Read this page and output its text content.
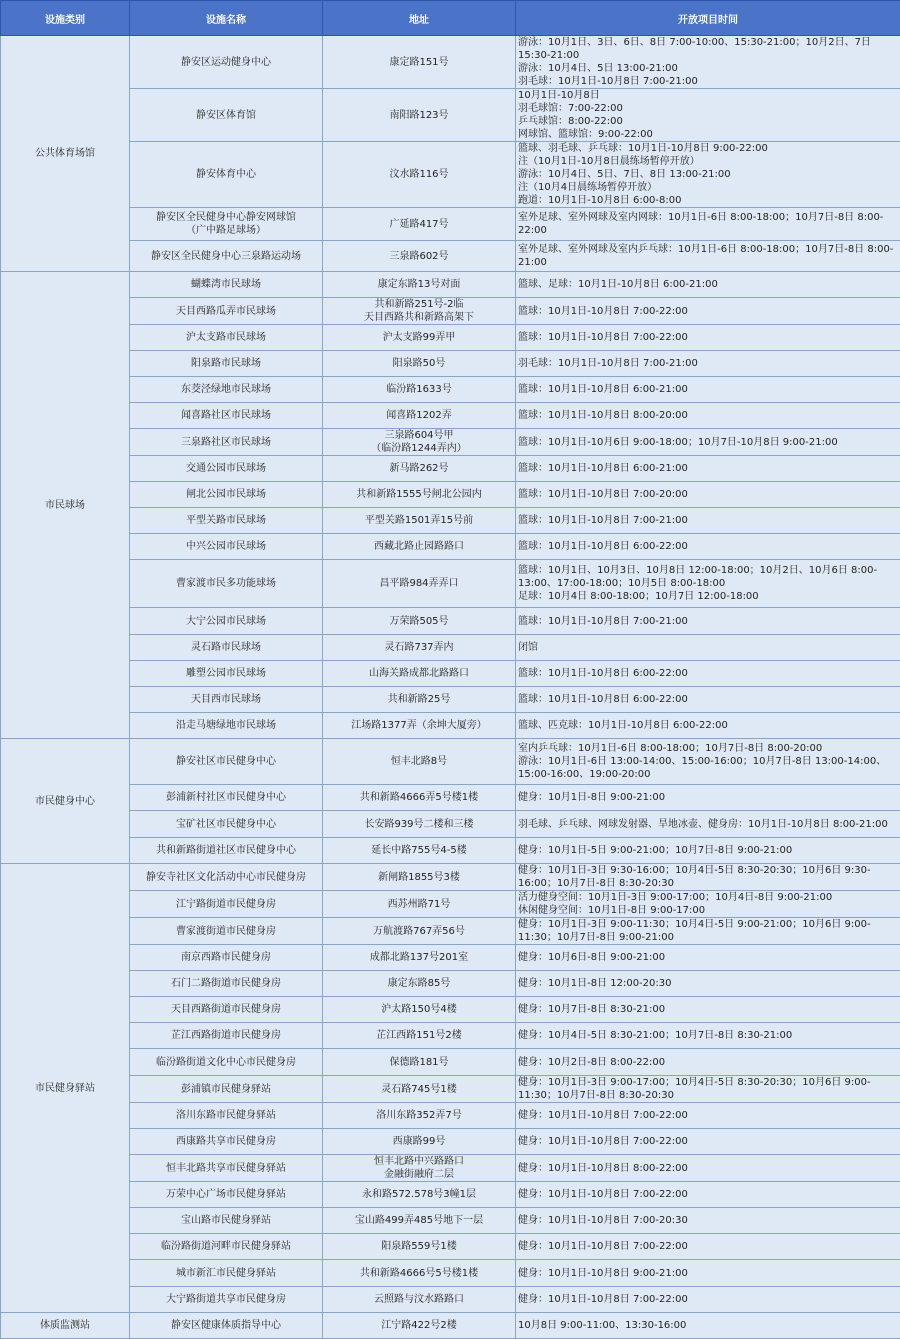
设施类别	设施名称	地址	开放项目时间
公共体育场馆	静安区运动健身中心	康定路151号	游泳：10月1日、3日、6日、8日 7:00-10:00、15:30-21:00；10月2日、7日 15:30-21:00
游泳：10月4日、5日 13:00-21:00
羽毛球：10月1日-10月8日 7:00-21:00
	静安区体育馆	南阳路123号	10月1日-10月8日
羽毛球馆：7:00-22:00
乒乓球馆：8:00-22:00
网球馆、篮球馆：9:00-22:00
	静安体育中心	汶水路116号	篮球、羽毛球、乒乓球：10月1日-10月8日 9:00-22:00
注（10月1日-10月8日晨练场暂停开放）
游泳：10月4日、5日、7日、8日 13:00-21:00
注（10月4日晨练场暂停开放）
跑道：10月1日-10月8日 6:00-8:00
	静安区全民健身中心静安网球馆
（广中路足球场）	广延路417号	室外足球、室外网球及室内网球：10月1日-6日 8:00-18:00；10月7日-8日 8:00-22:00
	静安区全民健身中心三泉路运动场	三泉路602号	室外足球、室外网球及室内乒乓球：10月1日-6日 8:00-18:00；10月7日-8日 8:00-21:00
市民球场	蝴蝶湾市民球场	康定东路13号对面	篮球、足球：10月1日-10月8日 6:00-21:00
	天目西路瓜弄市民球场	共和新路251号-2临
天目西路共和新路高架下	篮球：10月1日-10月8日 7:00-22:00
	沪太支路市民球场	沪太支路99弄甲	篮球：10月1日-10月8日 7:00-22:00
	阳泉路市民球场	阳泉路50号	羽毛球：10月1日-10月8日 7:00-21:00
	东茭泾绿地市民球场	临汾路1633号	篮球：10月1日-10月8日 6:00-21:00
	闻喜路社区市民球场	闻喜路1202弄	篮球：10月1日-10月8日 8:00-20:00
	三泉路社区市民球场	三泉路604号甲
（临汾路1244弄内）	篮球：10月1日-10月6日 9:00-18:00；10月7日-10月8日 9:00-21:00
	交通公园市民球场	新马路262号	篮球：10月1日-10月8日 6:00-21:00
	闸北公园市民球场	共和新路1555号闸北公园内	篮球：10月1日-10月8日 7:00-20:00
	平型关路市民球场	平型关路1501弄15号前	篮球：10月1日-10月8日 7:00-21:00
	中兴公园市民球场	西藏北路止园路路口	篮球：10月1日-10月8日 6:00-22:00
	曹家渡市民多功能球场	昌平路984弄弄口	篮球：10月1日、10月3日、10月8日 12:00-18:00；10月2日、10月6日 8:00-13:00、17:00-18:00；10月5日 8:00-18:00
足球：10月4日 8:00-18:00；10月7日 12:00-18:00
	大宁公园市民球场	万荣路505号	篮球：10月1日-10月8日 7:00-21:00
	灵石路市民球场	灵石路737弄内	闭馆
	雕塑公园市民球场	山海关路成都北路路口	篮球：10月1日-10月8日 6:00-22:00
	天目西市民球场	共和新路25号	篮球：10月1日-10月8日 6:00-22:00
	沿走马塘绿地市民球场	江场路1377弄（余坤大厦旁）	篮球、匹克球：10月1日-10月8日 6:00-22:00
市民健身中心	静安社区市民健身中心	恒丰北路8号	室内乒乓球：10月1日-6日 8:00-18:00；10月7日-8日 8:00-20:00
游泳：10月1日-6日 13:00-14:00、15:00-16:00；10月7日-8日 13:00-14:00、15:00-16:00、19:00-20:00
	彭浦新村社区市民健身中心	共和新路4666弄5号楼1楼	健身：10月1日-8日 9:00-21:00
	宝矿社区市民健身中心	长安路939号二楼和三楼	羽毛球、乒乓球、网球发射器、旱地冰壶、健身房：10月1日-10月8日 8:00-21:00
	共和新路街道社区市民健身中心	延长中路755号4-5楼	健身：10月1日-5日 9:00-21:00；10月7日-8日 9:00-21:00
市民健身驿站	静安寺社区文化活动中心市民健身房	新闸路1855号3楼	健身：10月1日-3日 9:30-16:00；10月4日-5日 8:30-20:30；10月6日 9:30-16:00；10月7日-8日 8:30-20:30
	江宁路街道市民健身房	西苏州路71号	活力健身空间：10月1日-3日 9:00-17:00；10月4日-8日 9:00-21:00
休闲健身空间：10月1日-8日 9:00-17:00
	曹家渡街道市民健身房	万航渡路767弄56号	健身：10月1日-3日 9:00-11:30；10月4日-5日 9:00-21:00；10月6日 9:00-11:30；10月7日-8日 9:00-21:00
	南京西路市民健身房	成都北路137号201室	健身：10月6日-8日 9:00-21:00
	石门二路街道市民健身房	康定东路85号	健身：10月1日-8日 12:00-20:30
	天目西路街道市民健身房	沪太路150号4楼	健身：10月7日-8日 8:30-21:00
	芷江西路街道市民健身房	芷江西路151号2楼	健身：10月4日-5日 8:30-21:00；10月7日-8日 8:30-21:00
	临汾路街道文化中心市民健身房	保德路181号	健身：10月2日-8日 8:00-22:00
	彭浦镇市民健身驿站	灵石路745号1楼	健身：10月1日-3日 9:00-17:00；10月4日-5日 8:30-20:30；10月6日 9:00-11:30；10月7日-8日 8:30-20:30
	洛川东路市民健身驿站	洛川东路352弄7号	健身：10月1日-10月8日 7:00-22:00
	西康路共享市民健身房	西康路99号	健身：10月1日-10月8日 7:00-22:00
	恒丰北路共享市民健身驿站	恒丰北路中兴路路口
金融街融府二层	健身：10月1日-10月8日 8:00-22:00
	万荣中心广场市民健身驿站	永和路572.578号3幢1层	健身：10月1日-10月8日 7:00-22:00
	宝山路市民健身驿站	宝山路499弄485号地下一层	健身：10月1日-10月8日 7:00-20:30
	临汾路街道河畔市民健身驿站	阳泉路559号1楼	健身：10月1日-10月8日 7:00-22:00
	城市新汇市民健身驿站	共和新路4666号5号楼1楼	健身：10月1日-10月8日 9:00-21:00
	大宁路街道共享市民健身房	云照路与汶水路路口	健身：10月1日-10月8日 7:00-22:00
体质监测站	静安区健康体质指导中心	江宁路422号2楼	10月8日 9:00-11:00、13:30-16:00
